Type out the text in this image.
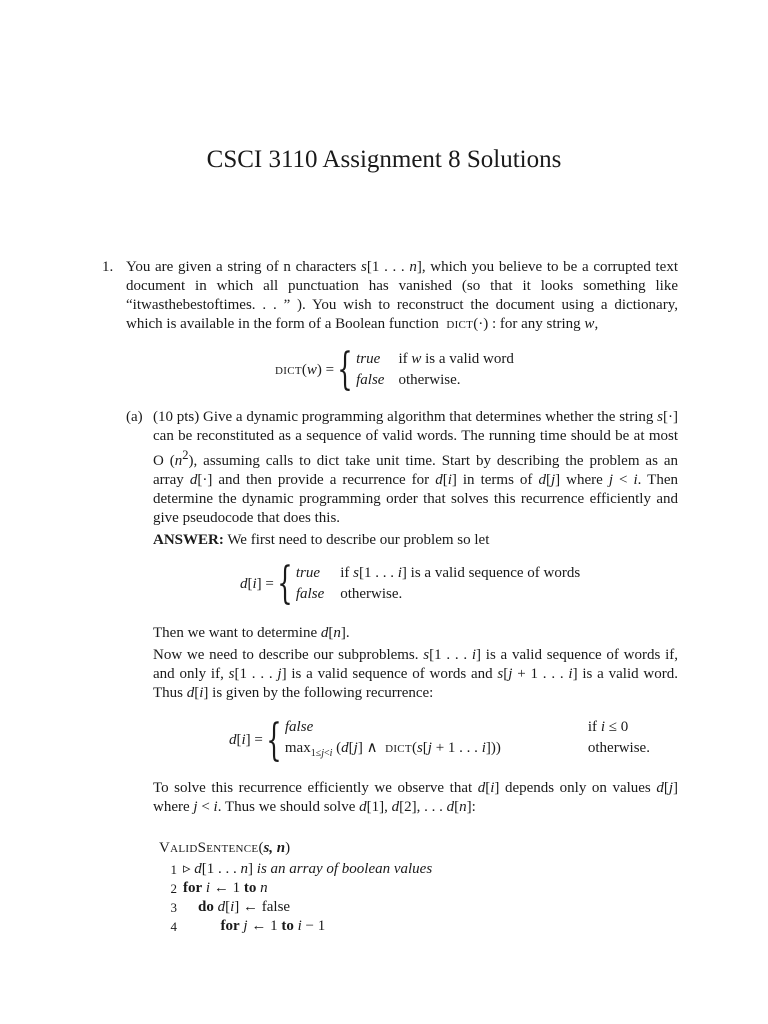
CSCI 3110 Assignment 8 Solutions
1. You are given a string of n characters s[1 . . . n], which you believe to be a corrupted text document in which all punctuation has vanished (so that it looks something like “itwasthebestoftimes. . . ” ). You wish to reconstruct the document using a dictionary, which is available in the form of a Boolean function  dict(·) : for any string w,
dict(w) = { true	if w is a valid word
false	otherwise.
(a) (10 pts) Give a dynamic programming algorithm that determines whether the string s[·] can be reconstituted as a sequence of valid words. The running time should be at most O $(n^2)$, assuming calls to dict take unit time. Start by describing the problem as an array d[·] and then provide a recurrence for d[i] in terms of d[j] where j < i. Then determine the dynamic programming order that solves this recurrence efficiently and give pseudocode that does this.
ANSWER: We first need to describe our problem so let
d[i] = { true	if s[1 . . . i] is a valid sequence of words
false	otherwise.
Then we want to determine d[n].
Now we need to describe our subproblems. s[1 . . . i] is a valid sequence of words if, and only if, s[1 . . . j] is a valid sequence of words and s[j + 1 . . . i] is a valid word. Thus d[i] is given by the following recurrence:
d[i] = { false	if i ≤ 0
$\max_{1\le j<i} (d[j]$ ∧  dict(s[j + 1 . . . i]))	otherwise.
To solve this recurrence efficiently we observe that d[i] depends only on values d[j] where j < i. Thus we should solve d[1], d[2], . . . d[n]:
ValidSentence ( s, n )
1 ▹ d[1 . . . n] is an array of boolean values
2 for i ← 1 to n
3	do d[i] ← false
4	for j ← 1 to i − 1
